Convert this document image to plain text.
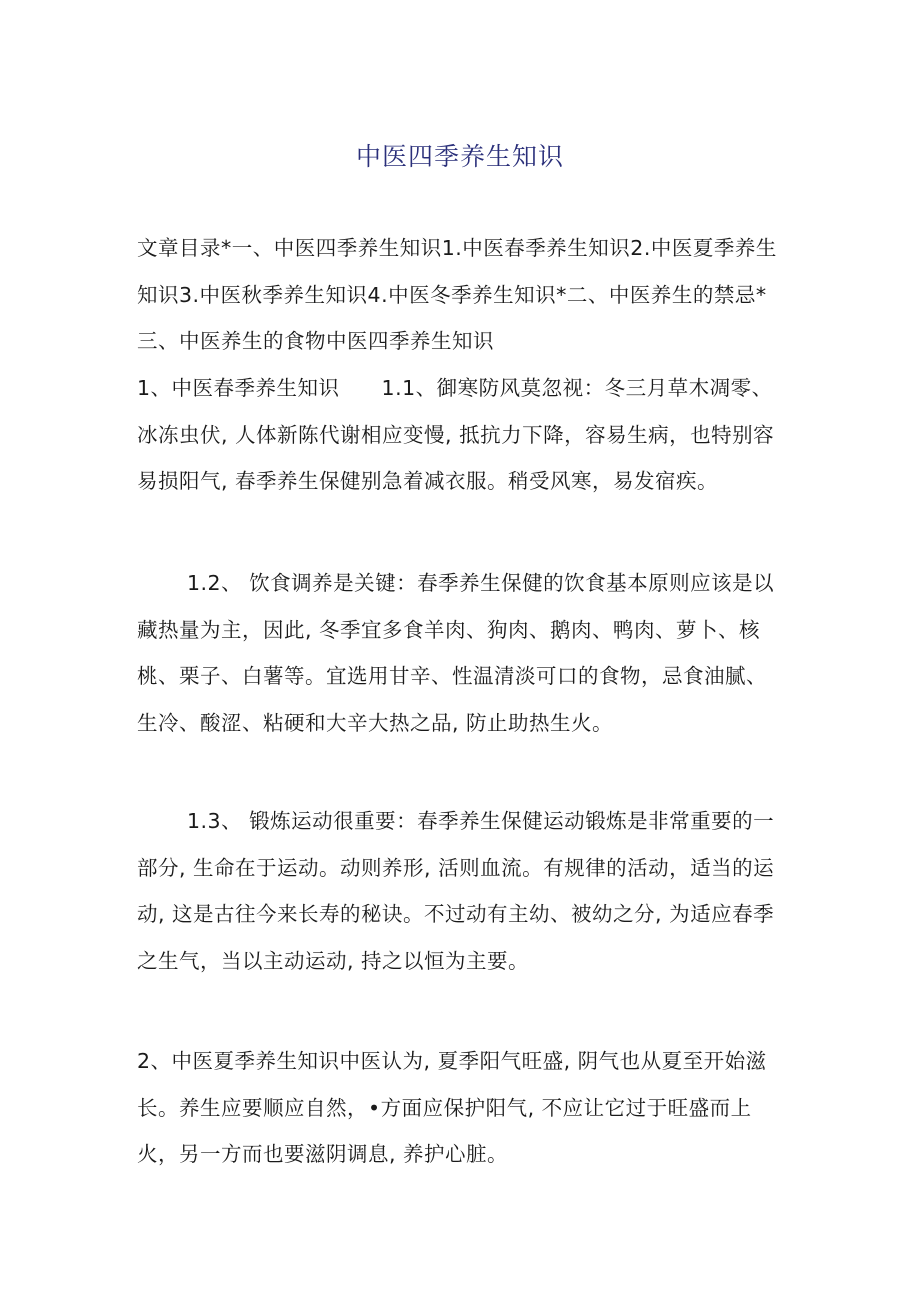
中医四季养生知识
文章目录*一、中医四季养生知识1.中医春季养生知识2.中医夏季养生知识3.中医秋季养生知识4.中医冬季养生知识*二、中医养生的禁忌*三、中医养生的食物中医四季养生知识
1、中医春季养生知识　　1.1、御寒防风莫忽视：冬三月草木凋零、冰冻虫伏, 人体新陈代谢相应变慢, 抵抗力下降，容易生病，也特别容易损阳气, 春季养生保健别急着减衣服。稍受风寒，易发宿疾。
1.2、 饮食调养是关键：春季养生保健的饮食基本原则应该是以藏热量为主，因此, 冬季宜多食羊肉、狗肉、鹅肉、鸭肉、萝卜、核桃、栗子、白薯等。宜选用甘辛、性温清淡可口的食物，忌食油腻、生冷、酸涩、粘硬和大辛大热之品, 防止助热生火。
1.3、 锻炼运动很重要：春季养生保健运动锻炼是非常重要的一部分, 生命在于运动。动则养形, 活则血流。有规律的活动，适当的运动, 这是古往今来长寿的秘诀。不过动有主幼、被幼之分, 为适应春季之生气，当以主动运动, 持之以恒为主要。
2、中医夏季养生知识中医认为, 夏季阳气旺盛, 阴气也从夏至开始滋长。养生应要顺应自然，•方面应保护阳气, 不应让它过于旺盛而上火，另一方而也要滋阴调息, 养护心脏。
